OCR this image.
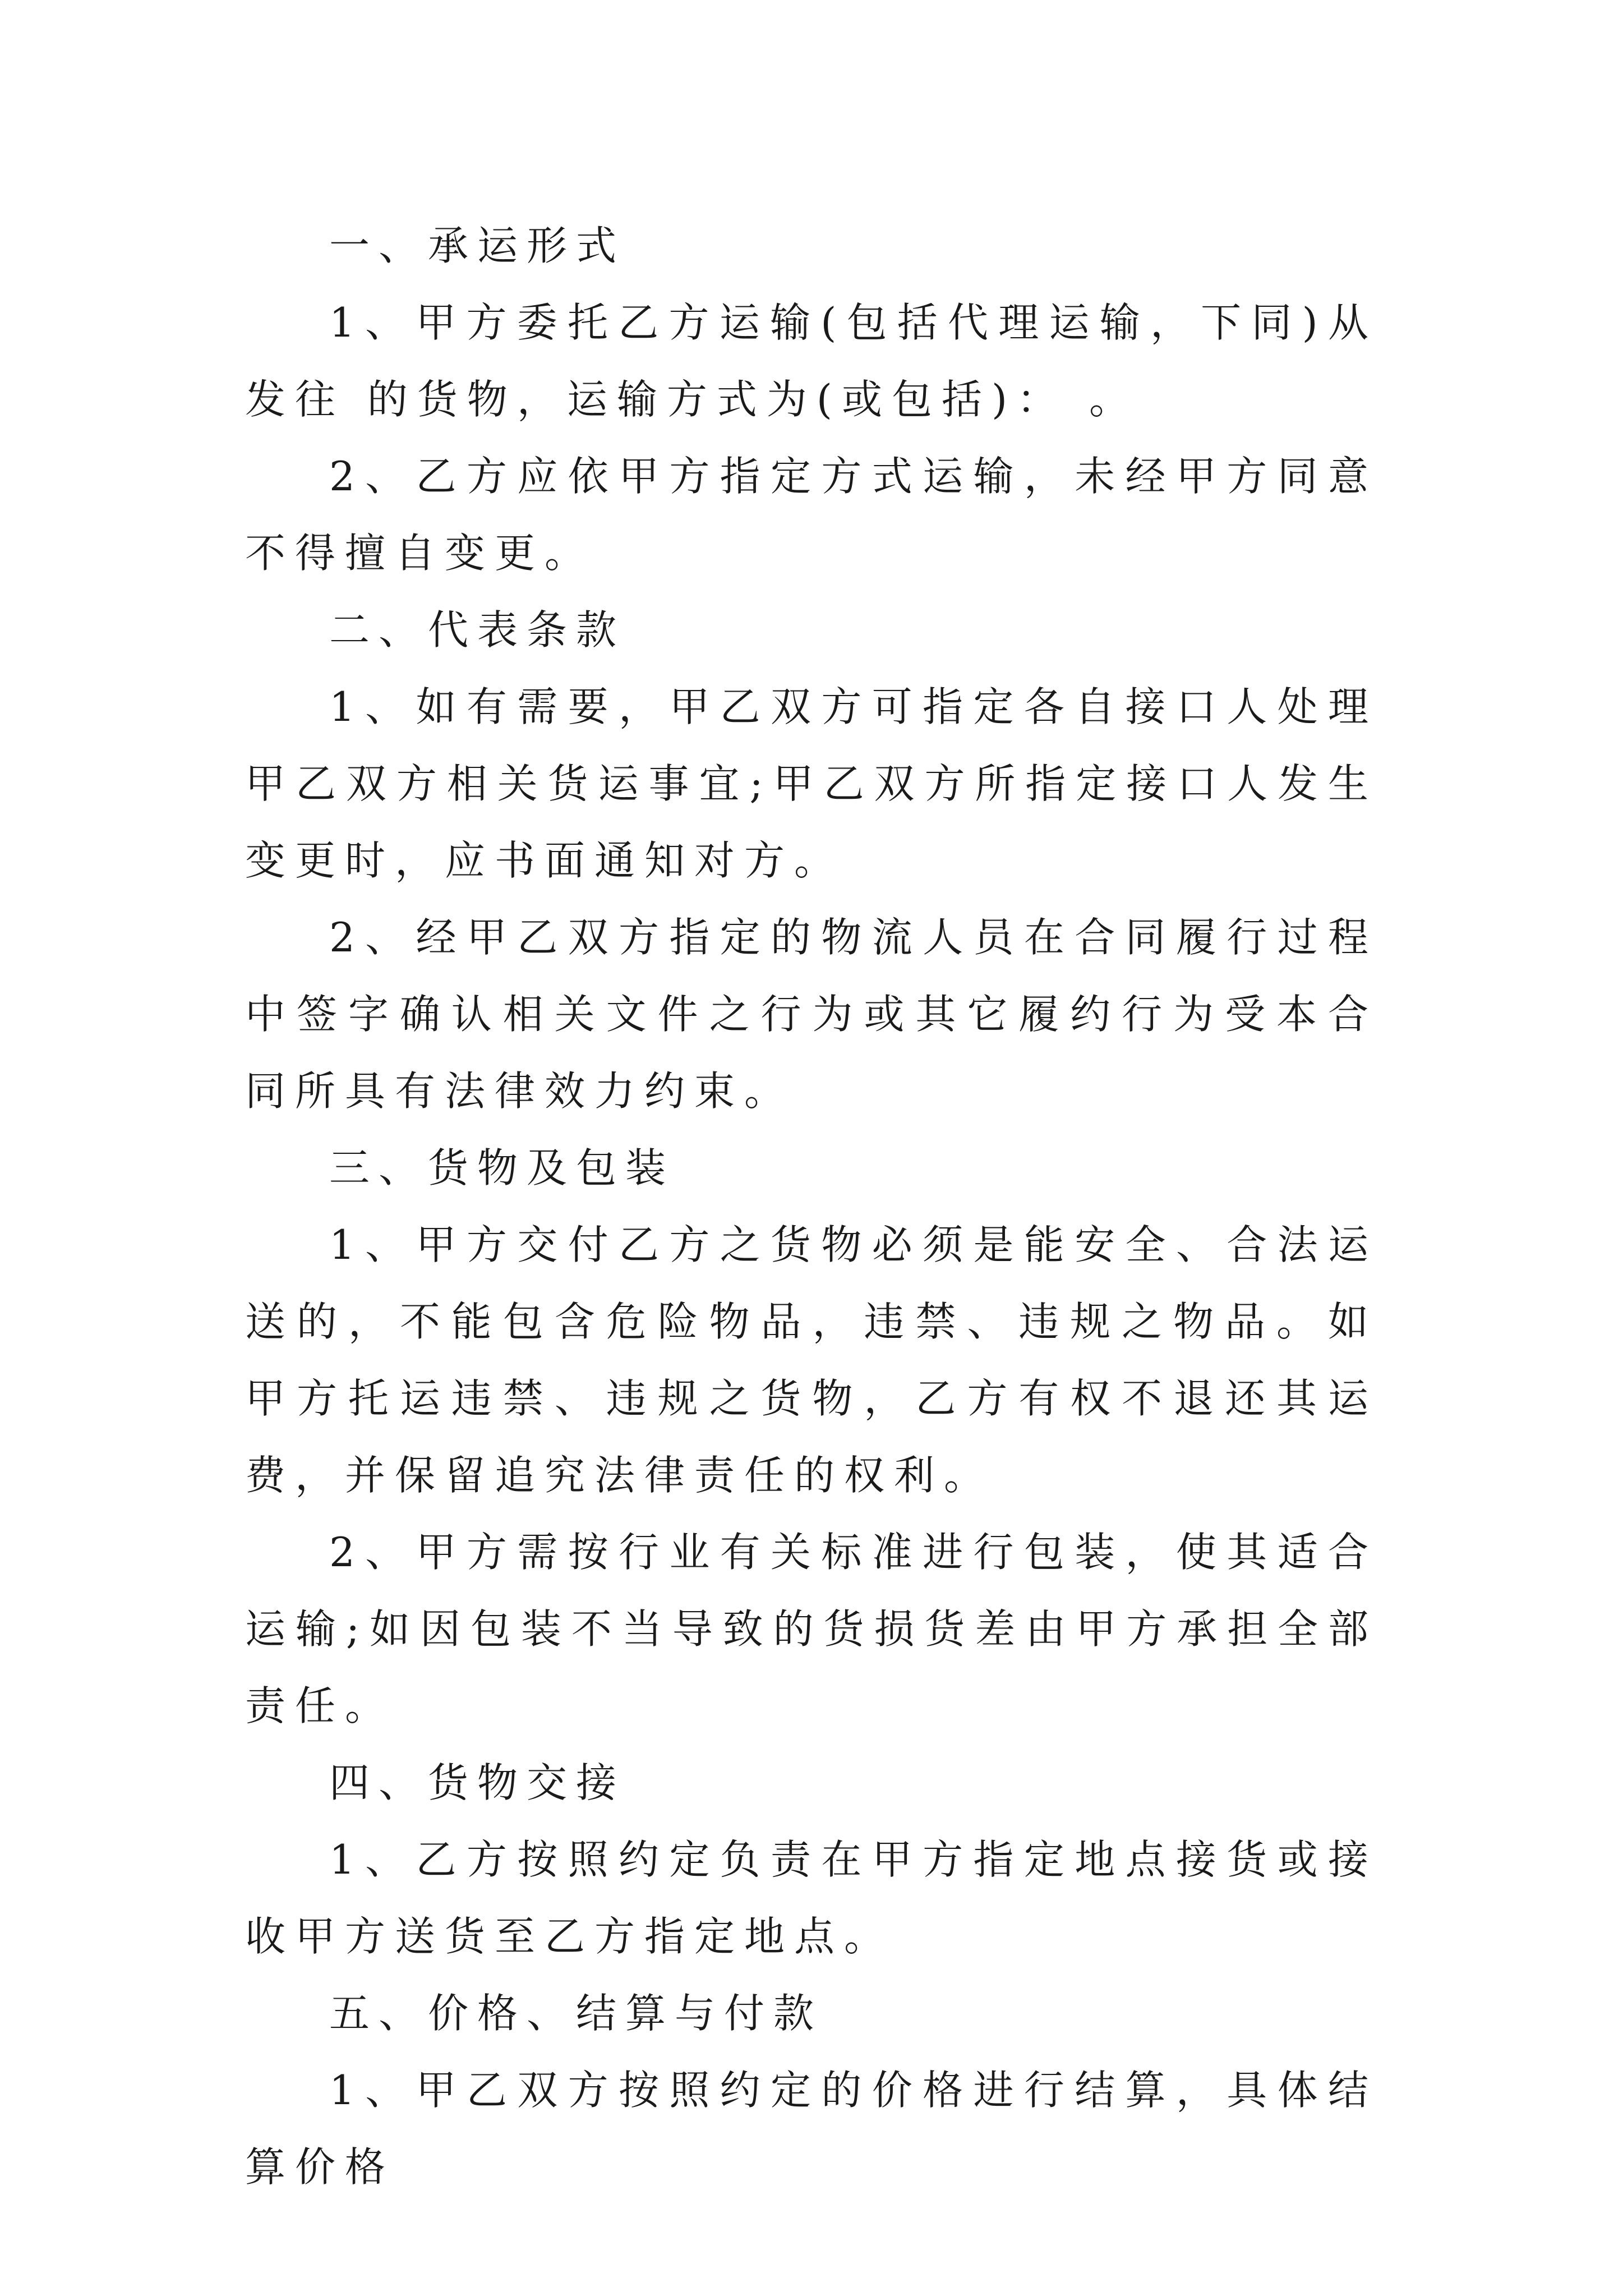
一、承运形式

1、甲方委托乙方运输(包括代理运输，下同)从 发往 的货物，运输方式为(或包括)： 。

2、乙方应依甲方指定方式运输，未经甲方同意不得擅自变更。

二、代表条款

1、如有需要，甲乙双方可指定各自接口人处理甲乙双方相关货运事宜;甲乙双方所指定接口人发生变更时，应书面通知对方。

2、经甲乙双方指定的物流人员在合同履行过程中签字确认相关文件之行为或其它履约行为受本合同所具有法律效力约束。

三、货物及包装

1、甲方交付乙方之货物必须是能安全、合法运送的，不能包含危险物品，违禁、违规之物品。如甲方托运违禁、违规之货物，乙方有权不退还其运费，并保留追究法律责任的权利。

2、甲方需按行业有关标准进行包装，使其适合运输;如因包装不当导致的货损货差由甲方承担全部责任。

四、货物交接

1、乙方按照约定负责在甲方指定地点接货或接收甲方送货至乙方指定地点。

五、价格、结算与付款

1、甲乙双方按照约定的价格进行结算，具体结算价格
